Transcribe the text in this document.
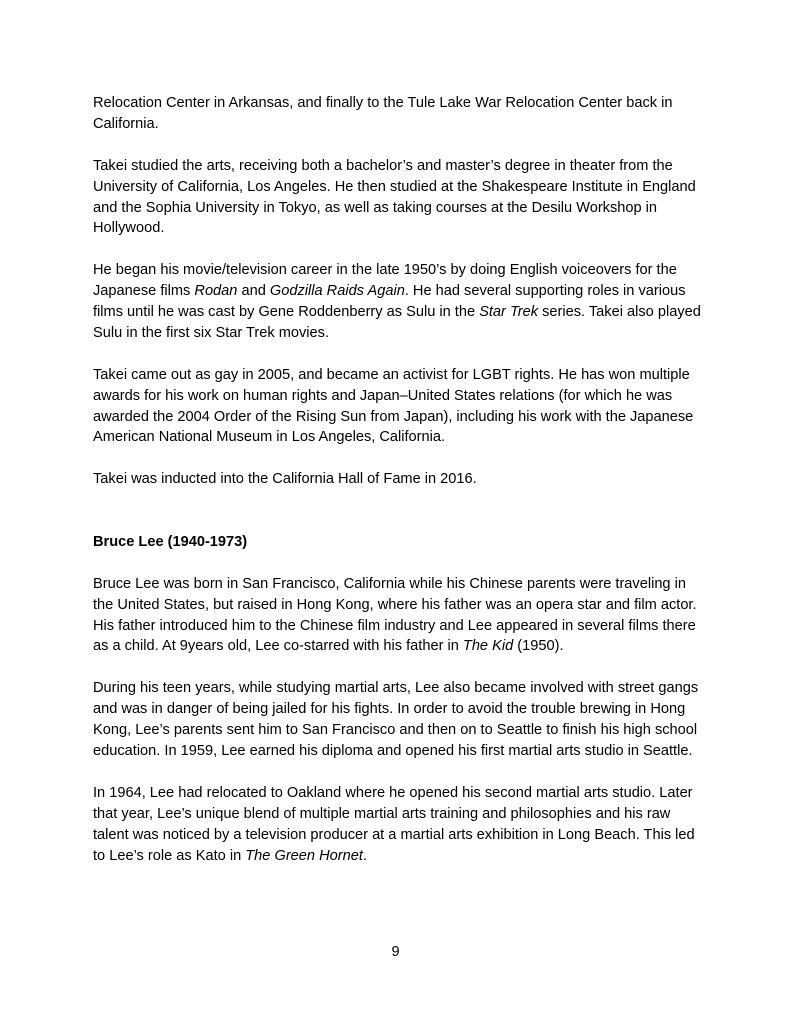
Relocation Center in Arkansas, and finally to the Tule Lake War Relocation Center back in California.

Takei studied the arts, receiving both a bachelor’s and master’s degree in theater from the University of California, Los Angeles. He then studied at the Shakespeare Institute in England and the Sophia University in Tokyo, as well as taking courses at the Desilu Workshop in Hollywood.

He began his movie/television career in the late 1950’s by doing English voiceovers for the Japanese films Rodan and Godzilla Raids Again. He had several supporting roles in various films until he was cast by Gene Roddenberry as Sulu in the Star Trek series. Takei also played Sulu in the first six Star Trek movies.

Takei came out as gay in 2005, and became an activist for LGBT rights. He has won multiple awards for his work on human rights and Japan–United States relations (for which he was awarded the 2004 Order of the Rising Sun from Japan), including his work with the Japanese American National Museum in Los Angeles, California.

Takei was inducted into the California Hall of Fame in 2016.

Bruce Lee (1940-1973)

Bruce Lee was born in San Francisco, California while his Chinese parents were traveling in the United States, but raised in Hong Kong, where his father was an opera star and film actor. His father introduced him to the Chinese film industry and Lee appeared in several films there as a child. At 9years old, Lee co-starred with his father in The Kid (1950).

During his teen years, while studying martial arts, Lee also became involved with street gangs and was in danger of being jailed for his fights. In order to avoid the trouble brewing in Hong Kong, Lee’s parents sent him to San Francisco and then on to Seattle to finish his high school education. In 1959, Lee earned his diploma and opened his first martial arts studio in Seattle.

In 1964, Lee had relocated to Oakland where he opened his second martial arts studio. Later that year, Lee’s unique blend of multiple martial arts training and philosophies and his raw talent was noticed by a television producer at a martial arts exhibition in Long Beach. This led to Lee’s role as Kato in The Green Hornet.

9
